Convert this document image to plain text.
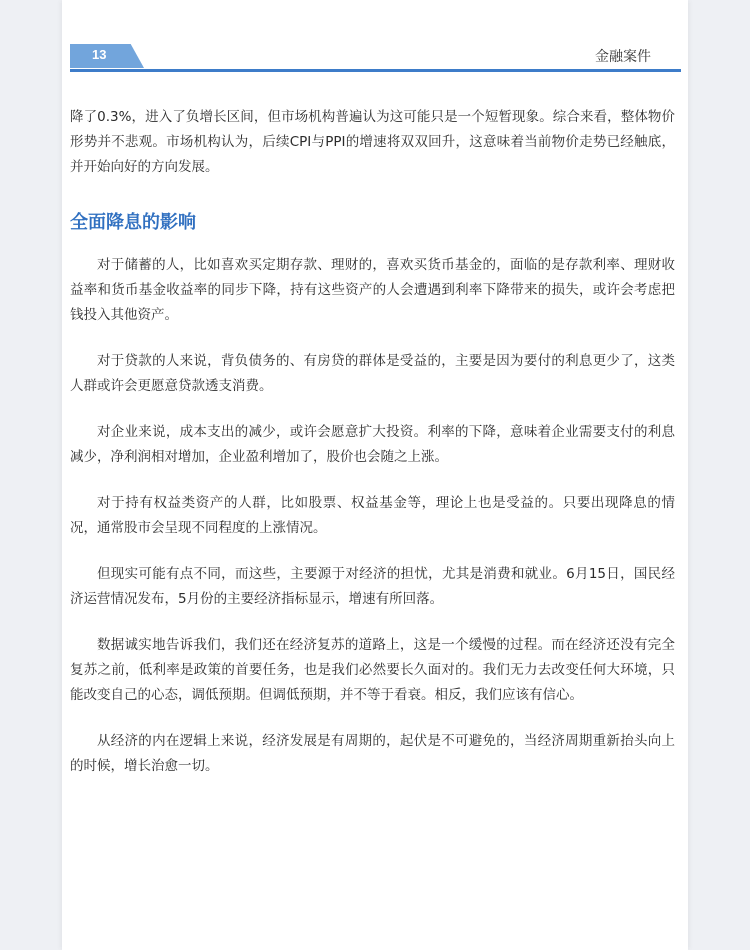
13	金融案件

降了0.3%，进入了负增长区间，但市场机构普遍认为这可能只是一个短暂现象。综合来看，整体物价形势并不悲观。市场机构认为，后续CPI与PPI的增速将双双回升，这意味着当前物价走势已经触底，并开始向好的方向发展。

全面降息的影响

对于储蓄的人，比如喜欢买定期存款、理财的，喜欢买货币基金的，面临的是存款利率、理财收益率和货币基金收益率的同步下降，持有这些资产的人会遭遇到利率下降带来的损失，或许会考虑把钱投入其他资产。

对于贷款的人来说，背负债务的、有房贷的群体是受益的，主要是因为要付的利息更少了，这类人群或许会更愿意贷款透支消费。

对企业来说，成本支出的减少，或许会愿意扩大投资。利率的下降，意味着企业需要支付的利息减少，净利润相对增加，企业盈利增加了，股价也会随之上涨。

对于持有权益类资产的人群，比如股票、权益基金等，理论上也是受益的。只要出现降息的情况，通常股市会呈现不同程度的上涨情况。

但现实可能有点不同，而这些，主要源于对经济的担忧，尤其是消费和就业。6月15日，国民经济运营情况发布，5月份的主要经济指标显示，增速有所回落。

数据诚实地告诉我们，我们还在经济复苏的道路上，这是一个缓慢的过程。而在经济还没有完全复苏之前，低利率是政策的首要任务，也是我们必然要长久面对的。我们无力去改变任何大环境，只能改变自己的心态，调低预期。但调低预期，并不等于看衰。相反，我们应该有信心。

从经济的内在逻辑上来说，经济发展是有周期的，起伏是不可避免的，当经济周期重新抬头向上的时候，增长治愈一切。
